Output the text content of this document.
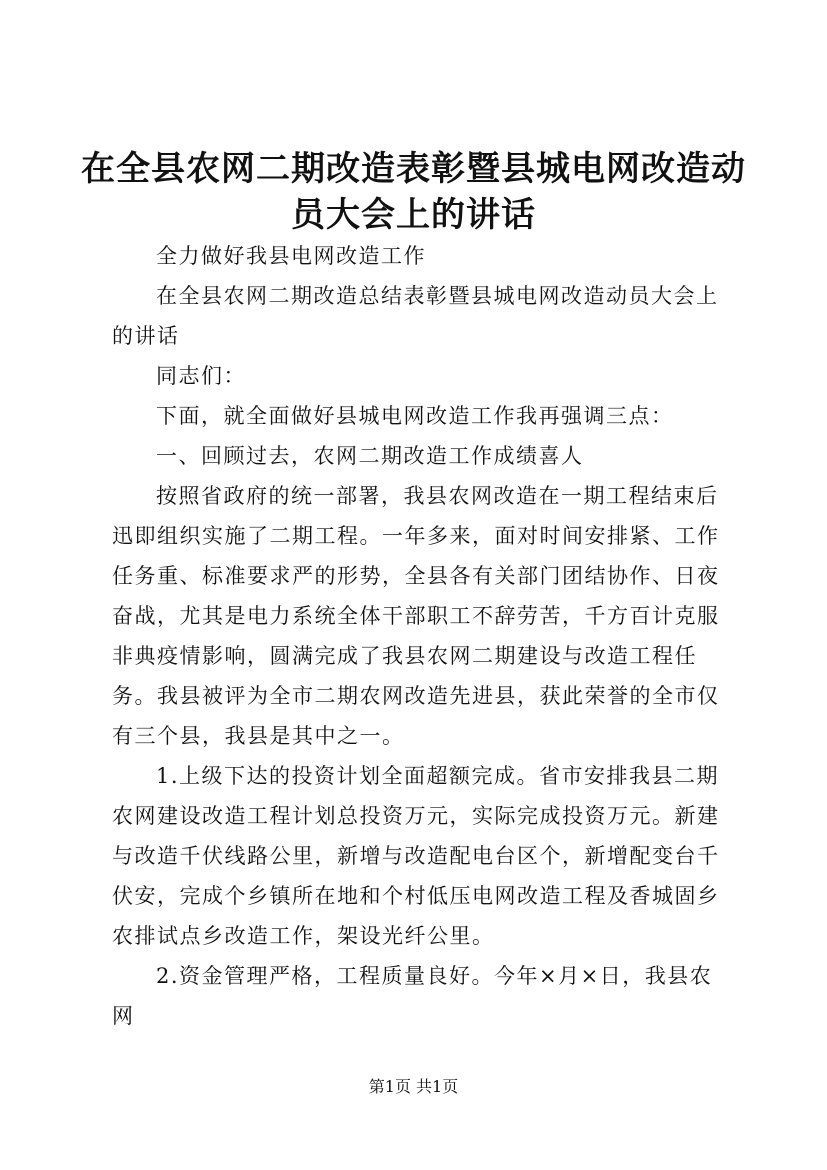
在全县农网二期改造表彰暨县城电网改造动员大会上的讲话

全力做好我县电网改造工作

在全县农网二期改造总结表彰暨县城电网改造动员大会上的讲话

同志们：

下面，就全面做好县城电网改造工作我再强调三点：

一、回顾过去，农网二期改造工作成绩喜人

按照省政府的统一部署，我县农网改造在一期工程结束后迅即组织实施了二期工程。一年多来，面对时间安排紧、工作任务重、标准要求严的形势，全县各有关部门团结协作、日夜奋战，尤其是电力系统全体干部职工不辞劳苦，千方百计克服非典疫情影响，圆满完成了我县农网二期建设与改造工程任务。我县被评为全市二期农网改造先进县，获此荣誉的全市仅有三个县，我县是其中之一。

1.上级下达的投资计划全面超额完成。省市安排我县二期农网建设改造工程计划总投资万元，实际完成投资万元。新建与改造千伏线路公里，新增与改造配电台区个，新增配变台千伏安，完成个乡镇所在地和个村低压电网改造工程及香城固乡农排试点乡改造工作，架设光纤公里。

2.资金管理严格，工程质量良好。今年×月×日，我县农网

第1页 共1页
